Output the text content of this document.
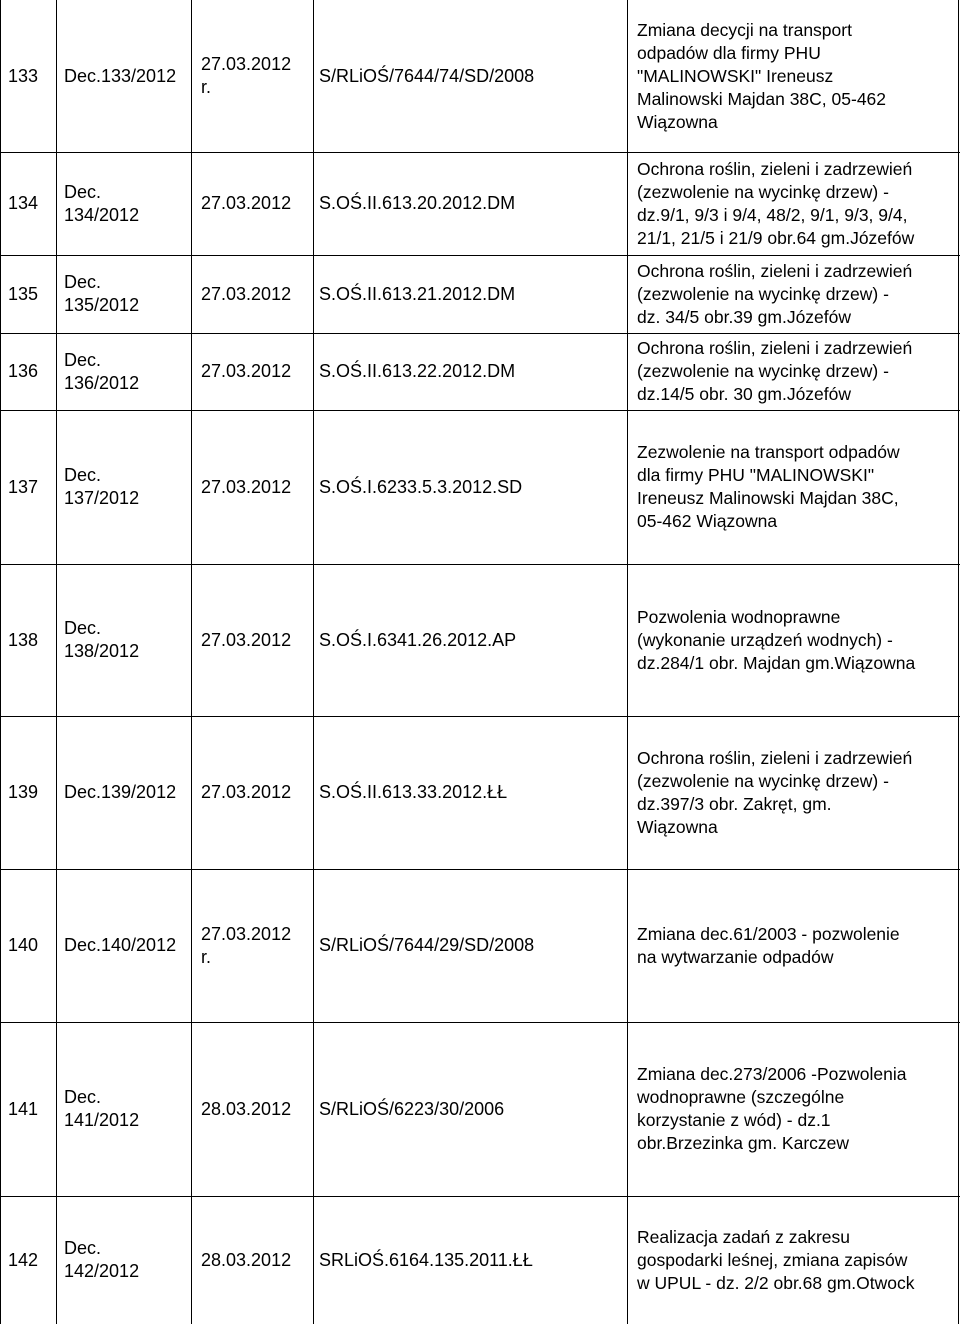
133 Dec.133/2012
27.03.2012
r.
S/RLiOŚ/7644/74/SD/2008
Zmiana decycji na transport
odpadów dla firmy PHU
"MALINOWSKI" Ireneusz
Malinowski Majdan 38C, 05-462
Wiązowna
134
Dec.
134/2012
27.03.2012 S.OŚ.II.613.20.2012.DM
Ochrona roślin, zieleni i zadrzewień
(zezwolenie na wycinkę drzew) -
dz.9/1, 9/3 i 9/4, 48/2, 9/1, 9/3, 9/4,
21/1, 21/5 i 21/9 obr.64 gm.Józefów
135
Dec.
135/2012
27.03.2012 S.OŚ.II.613.21.2012.DM
Ochrona roślin, zieleni i zadrzewień
(zezwolenie na wycinkę drzew) -
dz. 34/5 obr.39 gm.Józefów
136
Dec.
136/2012
27.03.2012 S.OŚ.II.613.22.2012.DM
Ochrona roślin, zieleni i zadrzewień
(zezwolenie na wycinkę drzew) -
dz.14/5 obr. 30 gm.Józefów
137
Dec.
137/2012
27.03.2012 S.OŚ.I.6233.5.3.2012.SD
Zezwolenie na transport odpadów
dla firmy PHU "MALINOWSKI"
Ireneusz Malinowski Majdan 38C,
05-462 Wiązowna
138
Dec.
138/2012
27.03.2012 S.OŚ.I.6341.26.2012.AP
Pozwolenia wodnoprawne
(wykonanie urządzeń wodnych) -
dz.284/1 obr. Majdan gm.Wiązowna
139 Dec.139/2012 27.03.2012 S.OŚ.II.613.33.2012.ŁŁ
Ochrona roślin, zieleni i zadrzewień
(zezwolenie na wycinkę drzew) -
dz.397/3 obr. Zakręt, gm.
Wiązowna
140 Dec.140/2012
27.03.2012
r.
S/RLiOŚ/7644/29/SD/2008
Zmiana dec.61/2003 - pozwolenie
na wytwarzanie odpadów
141
Dec.
141/2012
28.03.2012 S/RLiOŚ/6223/30/2006
Zmiana dec.273/2006 -Pozwolenia
wodnoprawne (szczególne
korzystanie z wód) - dz.1
obr.Brzezinka gm. Karczew
142
Dec.
142/2012
28.03.2012 SRLiOŚ.6164.135.2011.ŁŁ
Realizacja zadań z zakresu
gospodarki leśnej, zmiana zapisów
w UPUL - dz. 2/2 obr.68 gm.Otwock
